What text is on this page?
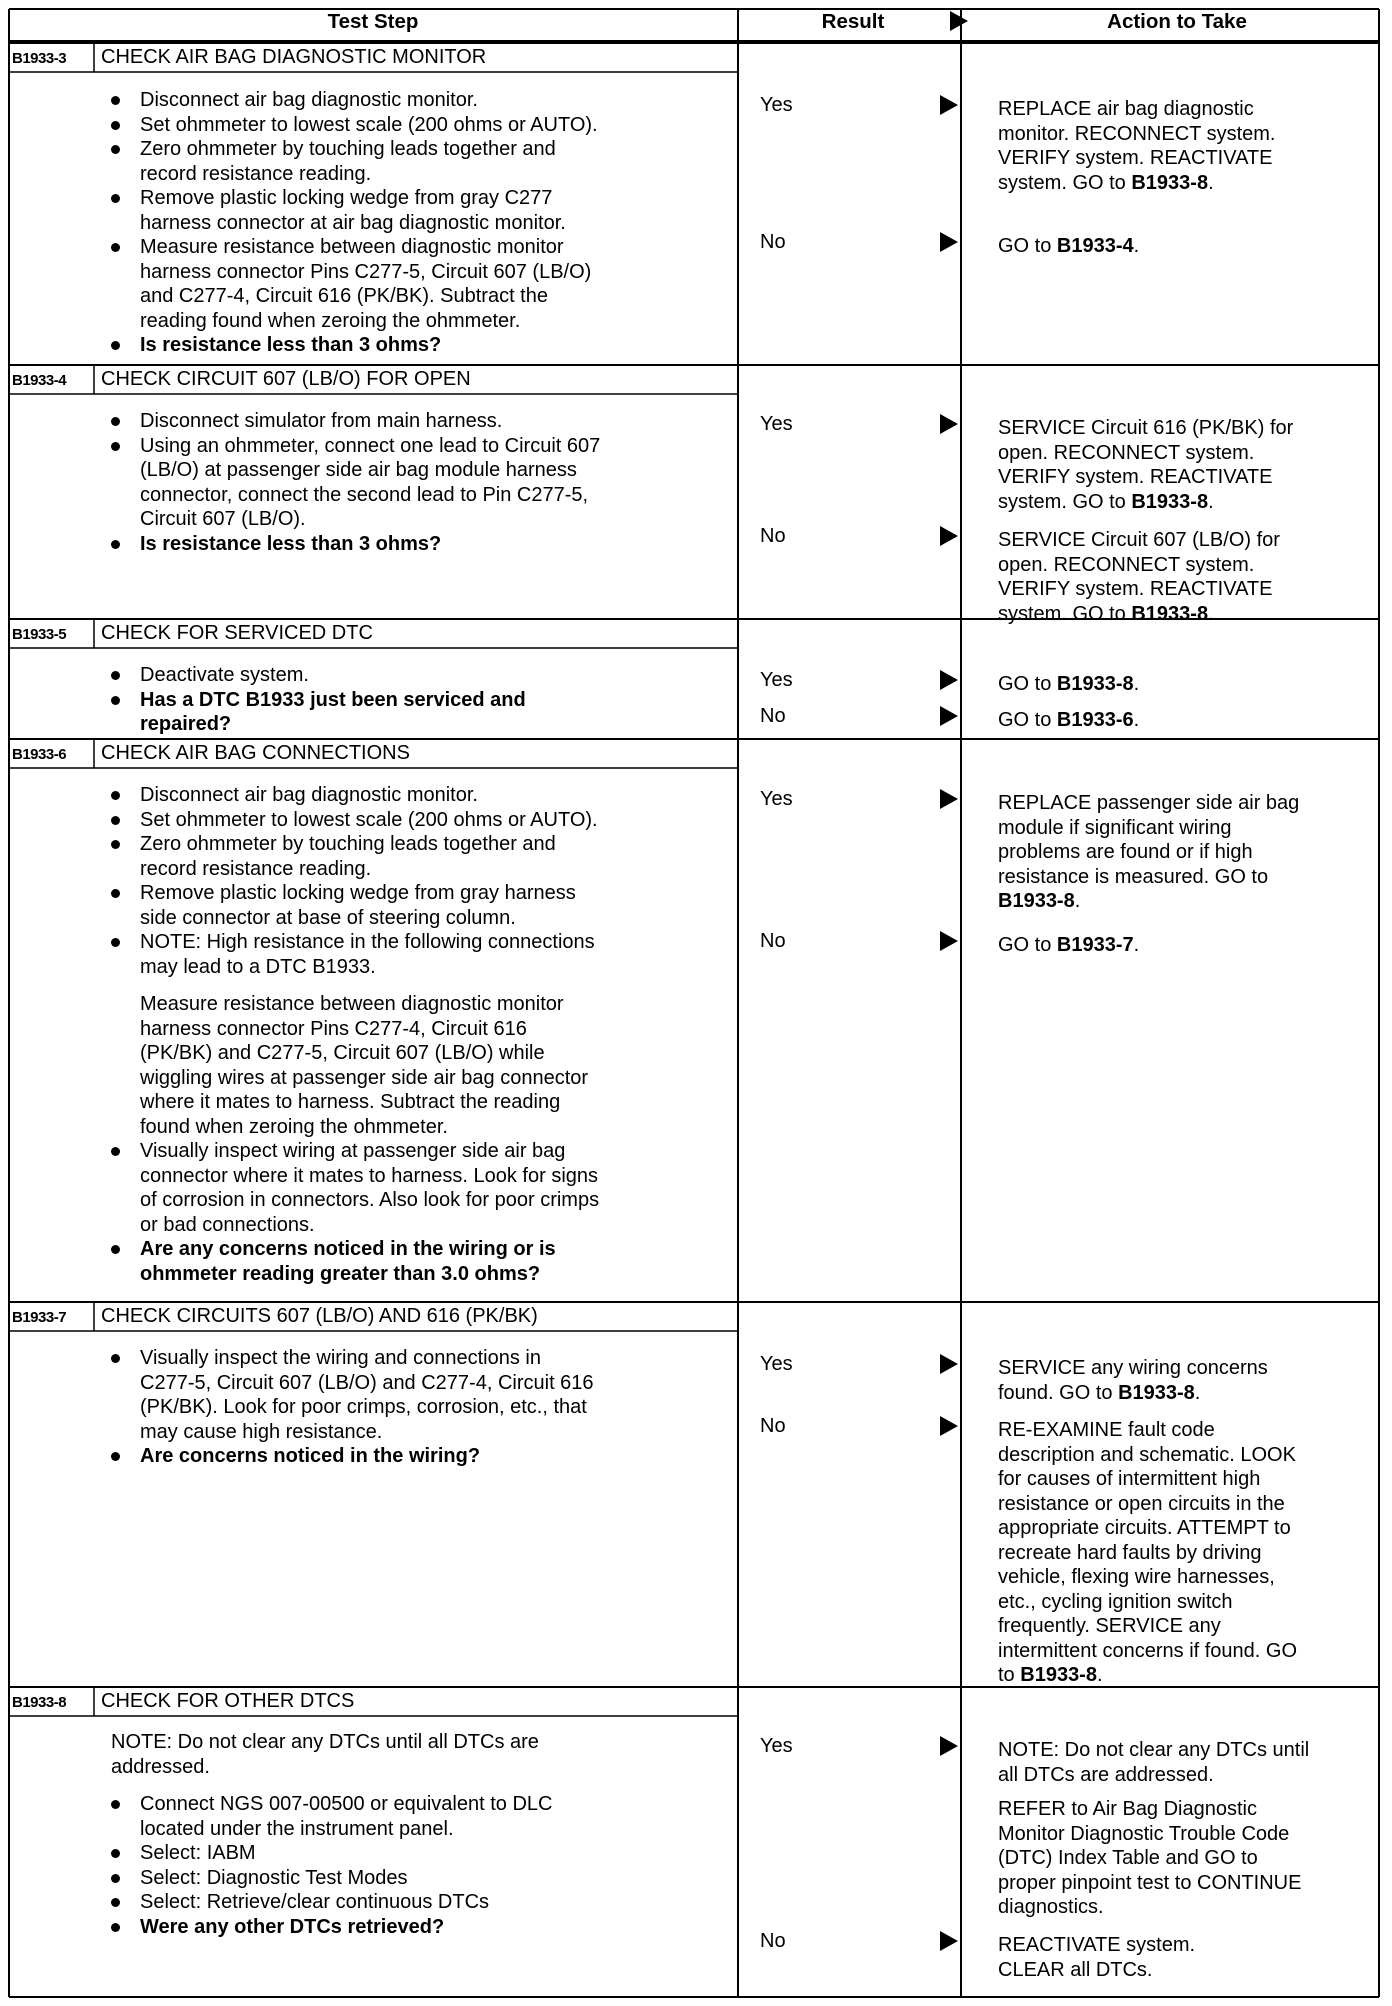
Test Step	Result	Action to Take
B1933-3 CHECK AIR BAG DIAGNOSTIC MONITOR
Disconnect air bag diagnostic monitor.
Set ohmmeter to lowest scale (200 ohms or AUTO).
Zero ohmmeter by touching leads together and
record resistance reading.
Remove plastic locking wedge from gray C277
harness connector at air bag diagnostic monitor.
Measure resistance between diagnostic monitor
harness connector Pins C277-5, Circuit 607 (LB/O)
and C277-4, Circuit 616 (PK/BK). Subtract the
reading found when zeroing the ohmmeter.
Is resistance less than 3 ohms?
Yes	REPLACE air bag diagnostic
monitor. RECONNECT system.
VERIFY system. REACTIVATE
system. GO to B1933-8.
No	GO to B1933-4.
B1933-4 CHECK CIRCUIT 607 (LB/O) FOR OPEN
Disconnect simulator from main harness.
Using an ohmmeter, connect one lead to Circuit 607
(LB/O) at passenger side air bag module harness
connector, connect the second lead to Pin C277-5,
Circuit 607 (LB/O).
Is resistance less than 3 ohms?
Yes	SERVICE Circuit 616 (PK/BK) for
open. RECONNECT system.
VERIFY system. REACTIVATE
system. GO to B1933-8.
No	SERVICE Circuit 607 (LB/O) for
open. RECONNECT system.
VERIFY system. REACTIVATE
system. GO to B1933-8.
B1933-5 CHECK FOR SERVICED DTC
Deactivate system.
Has a DTC B1933 just been serviced and
repaired?
Yes	GO to B1933-8.
No	GO to B1933-6.
B1933-6 CHECK AIR BAG CONNECTIONS
Disconnect air bag diagnostic monitor.
Set ohmmeter to lowest scale (200 ohms or AUTO).
Zero ohmmeter by touching leads together and
record resistance reading.
Remove plastic locking wedge from gray harness
side connector at base of steering column.
NOTE: High resistance in the following connections
may lead to a DTC B1933.
Measure resistance between diagnostic monitor
harness connector Pins C277-4, Circuit 616
(PK/BK) and C277-5, Circuit 607 (LB/O) while
wiggling wires at passenger side air bag connector
where it mates to harness. Subtract the reading
found when zeroing the ohmmeter.
Visually inspect wiring at passenger side air bag
connector where it mates to harness. Look for signs
of corrosion in connectors. Also look for poor crimps
or bad connections.
Are any concerns noticed in the wiring or is
ohmmeter reading greater than 3.0 ohms?
Yes	REPLACE passenger side air bag
module if significant wiring
problems are found or if high
resistance is measured. GO to
B1933-8.
No	GO to B1933-7.
B1933-7 CHECK CIRCUITS 607 (LB/O) AND 616 (PK/BK)
Visually inspect the wiring and connections in
C277-5, Circuit 607 (LB/O) and C277-4, Circuit 616
(PK/BK). Look for poor crimps, corrosion, etc., that
may cause high resistance.
Are concerns noticed in the wiring?
Yes	SERVICE any wiring concerns
found. GO to B1933-8.
No	RE-EXAMINE fault code
description and schematic. LOOK
for causes of intermittent high
resistance or open circuits in the
appropriate circuits. ATTEMPT to
recreate hard faults by driving
vehicle, flexing wire harnesses,
etc., cycling ignition switch
frequently. SERVICE any
intermittent concerns if found. GO
to B1933-8.
B1933-8 CHECK FOR OTHER DTCS
NOTE: Do not clear any DTCs until all DTCs are
addressed.
Connect NGS 007-00500 or equivalent to DLC
located under the instrument panel.
Select: IABM
Select: Diagnostic Test Modes
Select: Retrieve/clear continuous DTCs
Were any other DTCs retrieved?
Yes	NOTE: Do not clear any DTCs until
all DTCs are addressed.
REFER to Air Bag Diagnostic
Monitor Diagnostic Trouble Code
(DTC) Index Table and GO to
proper pinpoint test to CONTINUE
diagnostics.
No	REACTIVATE system.
CLEAR all DTCs.
